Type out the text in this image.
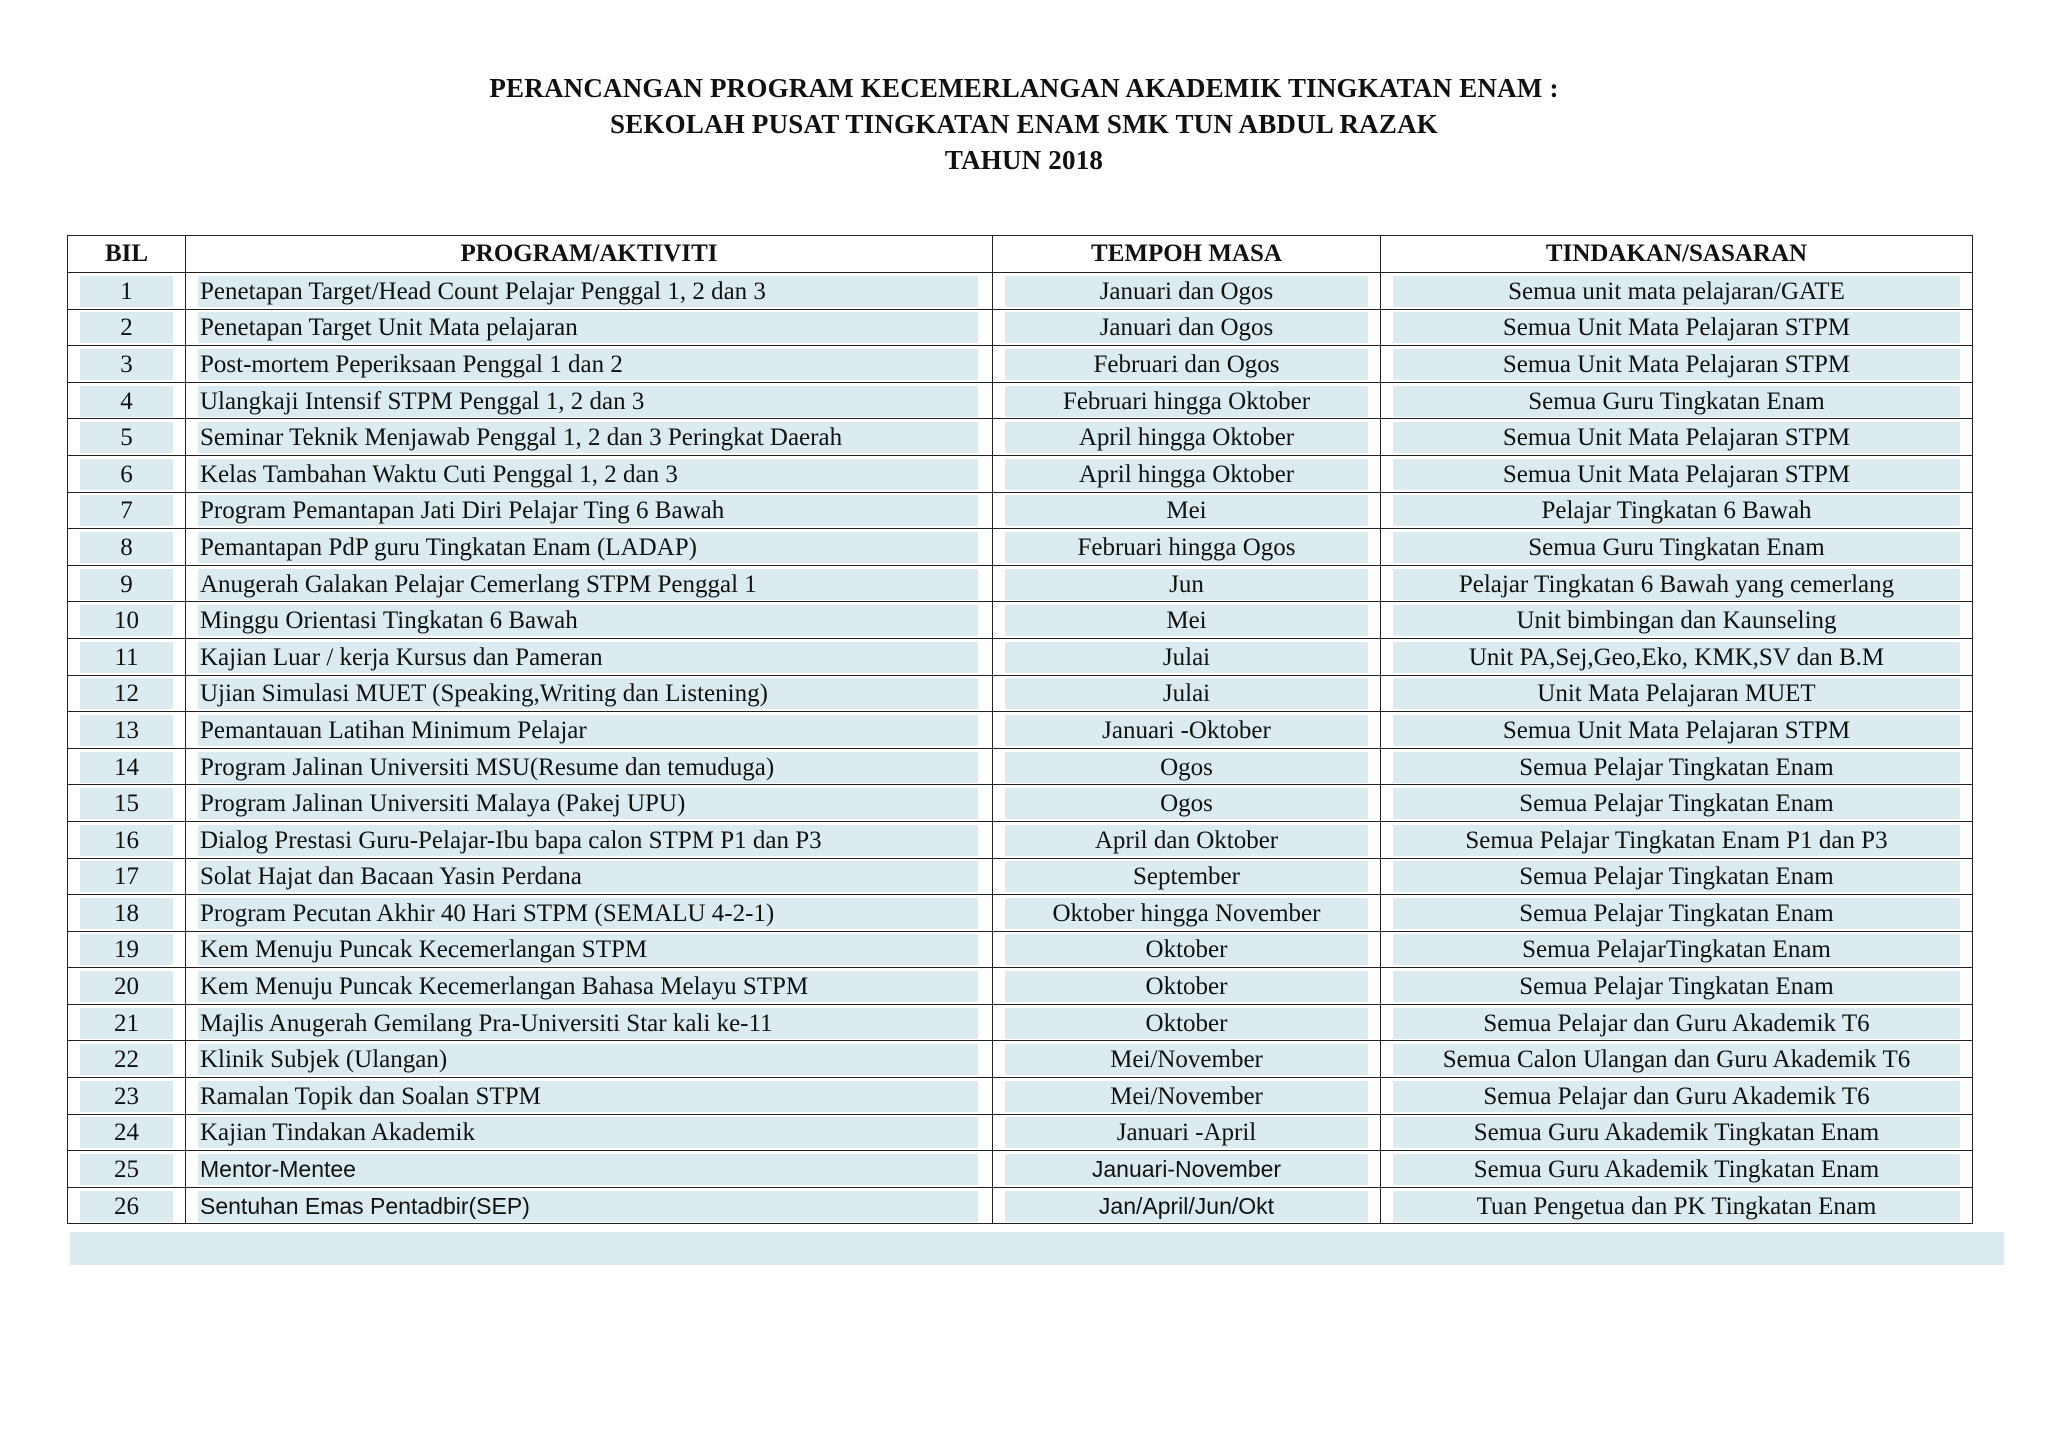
PERANCANGAN PROGRAM KECEMERLANGAN AKADEMIK TINGKATAN ENAM :
SEKOLAH PUSAT TINGKATAN ENAM SMK TUN ABDUL RAZAK
TAHUN 2018
BIL	PROGRAM/AKTIVITI	TEMPOH MASA	TINDAKAN/SASARAN

1	Penetapan Target/Head Count Pelajar Penggal 1, 2 dan 3	Januari dan Ogos	Semua unit mata pelajaran/GATE

2	Penetapan Target Unit Mata pelajaran	Januari dan Ogos	Semua Unit Mata Pelajaran STPM

3	Post-mortem Peperiksaan Penggal 1 dan 2	Februari dan Ogos	Semua Unit Mata Pelajaran STPM

4	Ulangkaji Intensif STPM Penggal 1, 2 dan 3	Februari hingga Oktober	Semua Guru Tingkatan Enam

5	Seminar Teknik Menjawab Penggal 1, 2 dan 3 Peringkat Daerah	April hingga Oktober	Semua Unit Mata Pelajaran STPM

6	Kelas Tambahan Waktu Cuti Penggal 1, 2 dan 3	April hingga Oktober	Semua Unit Mata Pelajaran STPM

7	Program Pemantapan Jati Diri Pelajar Ting 6 Bawah	Mei	Pelajar Tingkatan 6 Bawah

8	Pemantapan PdP guru Tingkatan Enam (LADAP)	Februari hingga Ogos	Semua Guru Tingkatan Enam

9	Anugerah Galakan Pelajar Cemerlang STPM Penggal 1	Jun	Pelajar Tingkatan 6 Bawah yang cemerlang

10	Minggu Orientasi Tingkatan 6 Bawah	Mei	Unit bimbingan dan Kaunseling

11	Kajian Luar / kerja Kursus dan Pameran	Julai	Unit PA,Sej,Geo,Eko, KMK,SV dan B.M

12	Ujian Simulasi MUET (Speaking,Writing dan Listening)	Julai	Unit Mata Pelajaran MUET

13	Pemantauan Latihan Minimum Pelajar	Januari -Oktober	Semua Unit Mata Pelajaran STPM

14	Program Jalinan Universiti MSU(Resume dan temuduga)	Ogos	Semua Pelajar Tingkatan Enam

15	Program Jalinan Universiti Malaya (Pakej UPU)	Ogos	Semua Pelajar Tingkatan Enam

16	Dialog Prestasi Guru-Pelajar-Ibu bapa calon STPM P1 dan P3	April dan Oktober	Semua Pelajar Tingkatan Enam P1 dan P3

17	Solat Hajat dan Bacaan Yasin Perdana	September	Semua Pelajar Tingkatan Enam

18	Program Pecutan Akhir 40 Hari STPM (SEMALU 4-2-1)	Oktober hingga November	Semua Pelajar Tingkatan Enam

19	Kem Menuju Puncak Kecemerlangan STPM	Oktober	Semua PelajarTingkatan Enam

20	Kem Menuju Puncak Kecemerlangan Bahasa Melayu STPM	Oktober	Semua Pelajar Tingkatan Enam

21	Majlis Anugerah Gemilang Pra-Universiti Star kali ke-11	Oktober	Semua Pelajar dan Guru Akademik T6

22	Klinik Subjek (Ulangan)	Mei/November	Semua Calon Ulangan dan Guru Akademik T6

23	Ramalan Topik dan Soalan STPM	Mei/November	Semua Pelajar dan Guru Akademik T6

24	Kajian Tindakan Akademik	Januari -April	Semua Guru Akademik Tingkatan Enam

25	Mentor-Mentee	Januari-November	Semua Guru Akademik Tingkatan Enam

26	Sentuhan Emas Pentadbir(SEP)	Jan/April/Jun/Okt	Tuan Pengetua dan PK Tingkatan Enam
